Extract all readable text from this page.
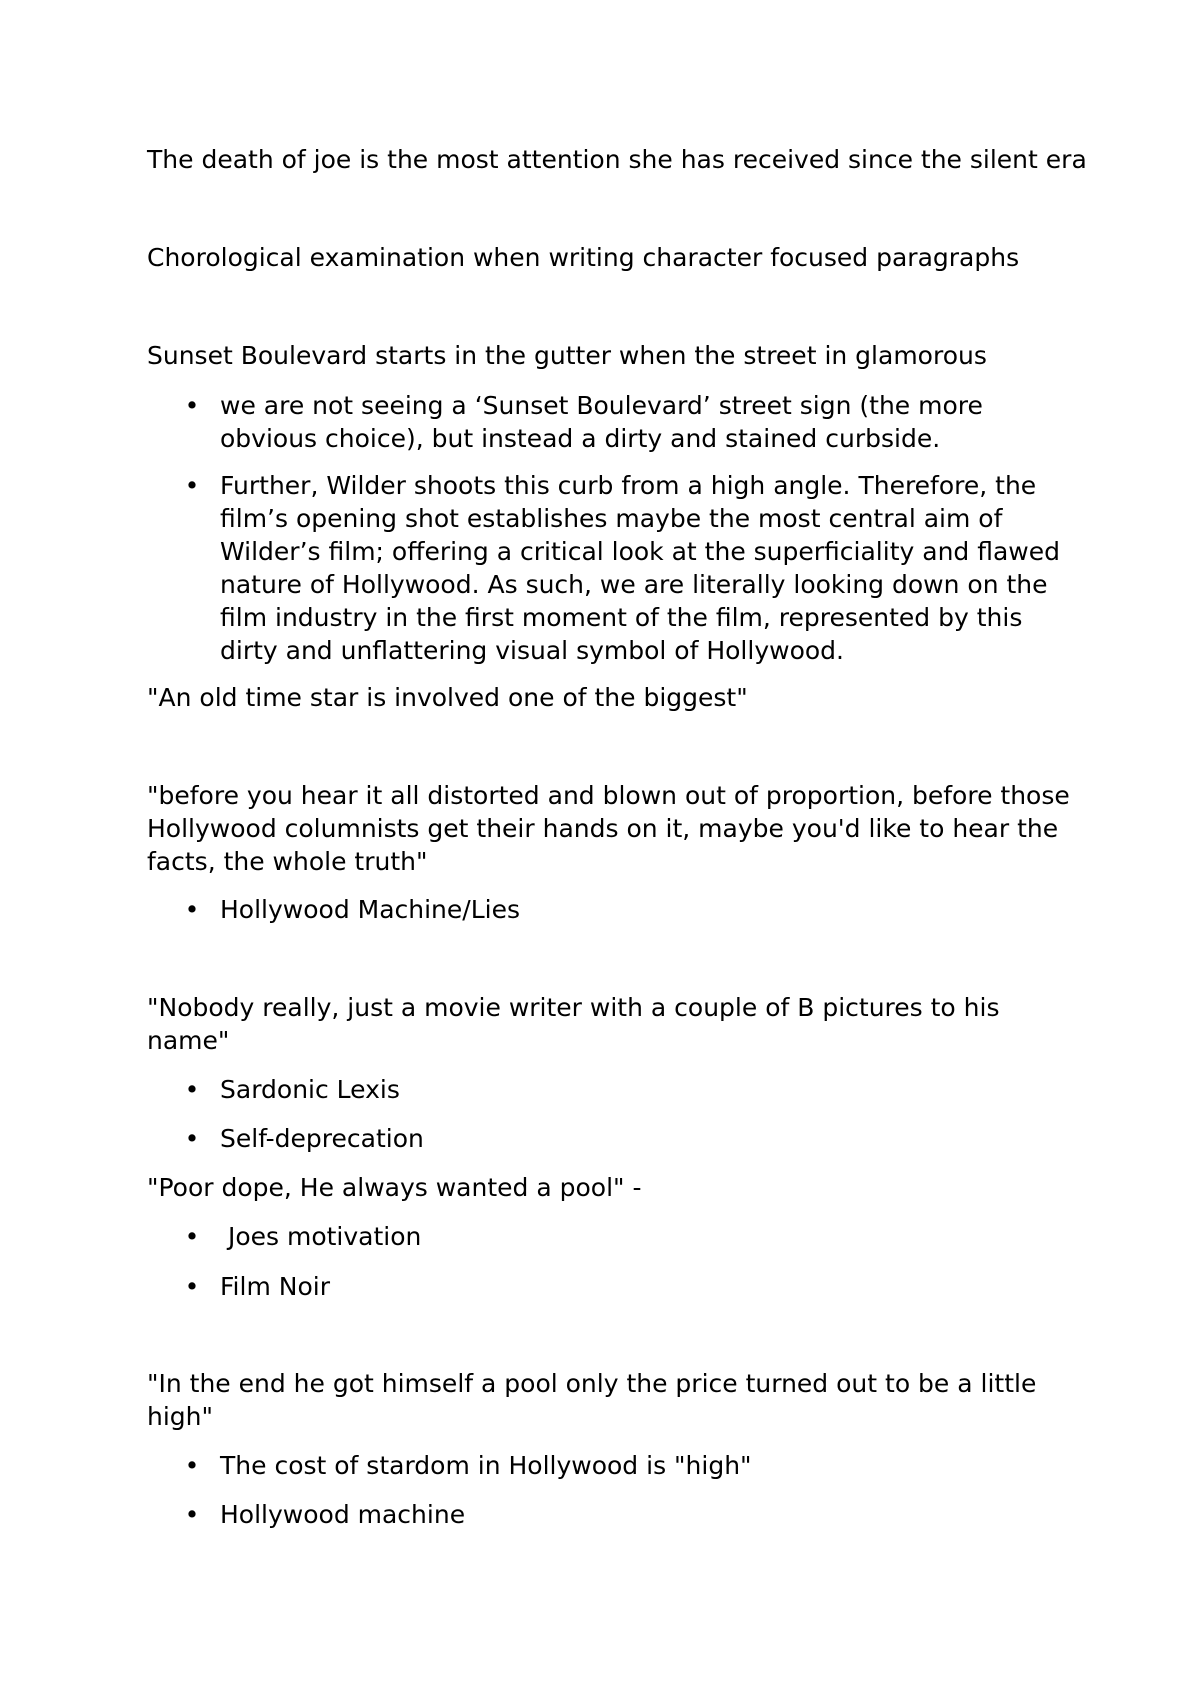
The death of joe is the most attention she has received since the silent era

Chorological examination when writing character focused paragraphs

Sunset Boulevard starts in the gutter when the street in glamorous

• we are not seeing a ‘Sunset Boulevard’ street sign (the more
obvious choice), but instead a dirty and stained curbside.
• Further, Wilder shoots this curb from a high angle. Therefore, the
film’s opening shot establishes maybe the most central aim of
Wilder’s film; offering a critical look at the superficiality and flawed
nature of Hollywood. As such, we are literally looking down on the
film industry in the first moment of the film, represented by this
dirty and unflattering visual symbol of Hollywood.

"An old time star is involved one of the biggest"

"before you hear it all distorted and blown out of proportion, before those

Hollywood columnists get their hands on it, maybe you'd like to hear the

facts, the whole truth"

• Hollywood Machine/Lies

"Nobody really, just a movie writer with a couple of B pictures to his

name"

• Sardonic Lexis
• Self-deprecation

"Poor dope, He always wanted a pool" -

• Joes motivation
• Film Noir

"In the end he got himself a pool only the price turned out to be a little

high"

• The cost of stardom in Hollywood is "high"
• Hollywood machine
